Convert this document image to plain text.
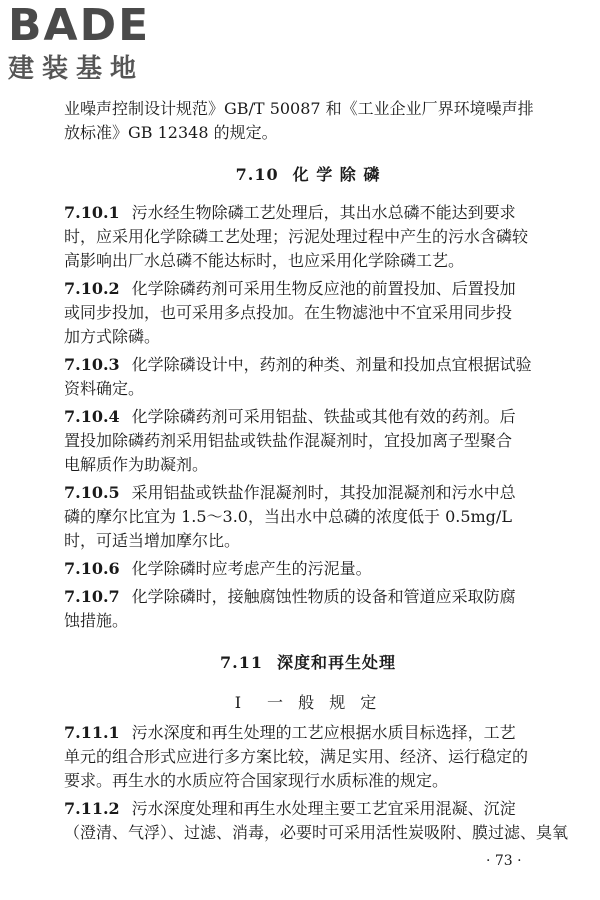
BADE
建装基地
业噪声控制设计规范》GB/T 50087 和《工业企业厂界环境噪声排
放标准》GB 12348 的规定。
7.10 化 学 除 磷
7.10.1 污水经生物除磷工艺处理后，其出水总磷不能达到要求
时，应采用化学除磷工艺处理；污泥处理过程中产生的污水含磷较
高影响出厂水总磷不能达标时，也应采用化学除磷工艺。
7.10.2 化学除磷药剂可采用生物反应池的前置投加、后置投加
或同步投加，也可采用多点投加。在生物滤池中不宜采用同步投
加方式除磷。
7.10.3 化学除磷设计中，药剂的种类、剂量和投加点宜根据试验
资料确定。
7.10.4 化学除磷药剂可采用铝盐、铁盐或其他有效的药剂。后
置投加除磷药剂采用铝盐或铁盐作混凝剂时，宜投加离子型聚合
电解质作为助凝剂。
7.10.5 采用铝盐或铁盐作混凝剂时，其投加混凝剂和污水中总
磷的摩尔比宜为 1.5～3.0，当出水中总磷的浓度低于 0.5mg/L
时，可适当增加摩尔比。
7.10.6 化学除磷时应考虑产生的污泥量。
7.10.7 化学除磷时，接触腐蚀性物质的设备和管道应采取防腐
蚀措施。
7.11 深度和再生处理
Ⅰ　一 般 规 定
7.11.1 污水深度和再生处理的工艺应根据水质目标选择，工艺
单元的组合形式应进行多方案比较，满足实用、经济、运行稳定的
要求。再生水的水质应符合国家现行水质标准的规定。
7.11.2 污水深度处理和再生水处理主要工艺宜采用混凝、沉淀
（澄清、气浮）、过滤、消毒，必要时可采用活性炭吸附、膜过滤、臭氧
· 73 ·
